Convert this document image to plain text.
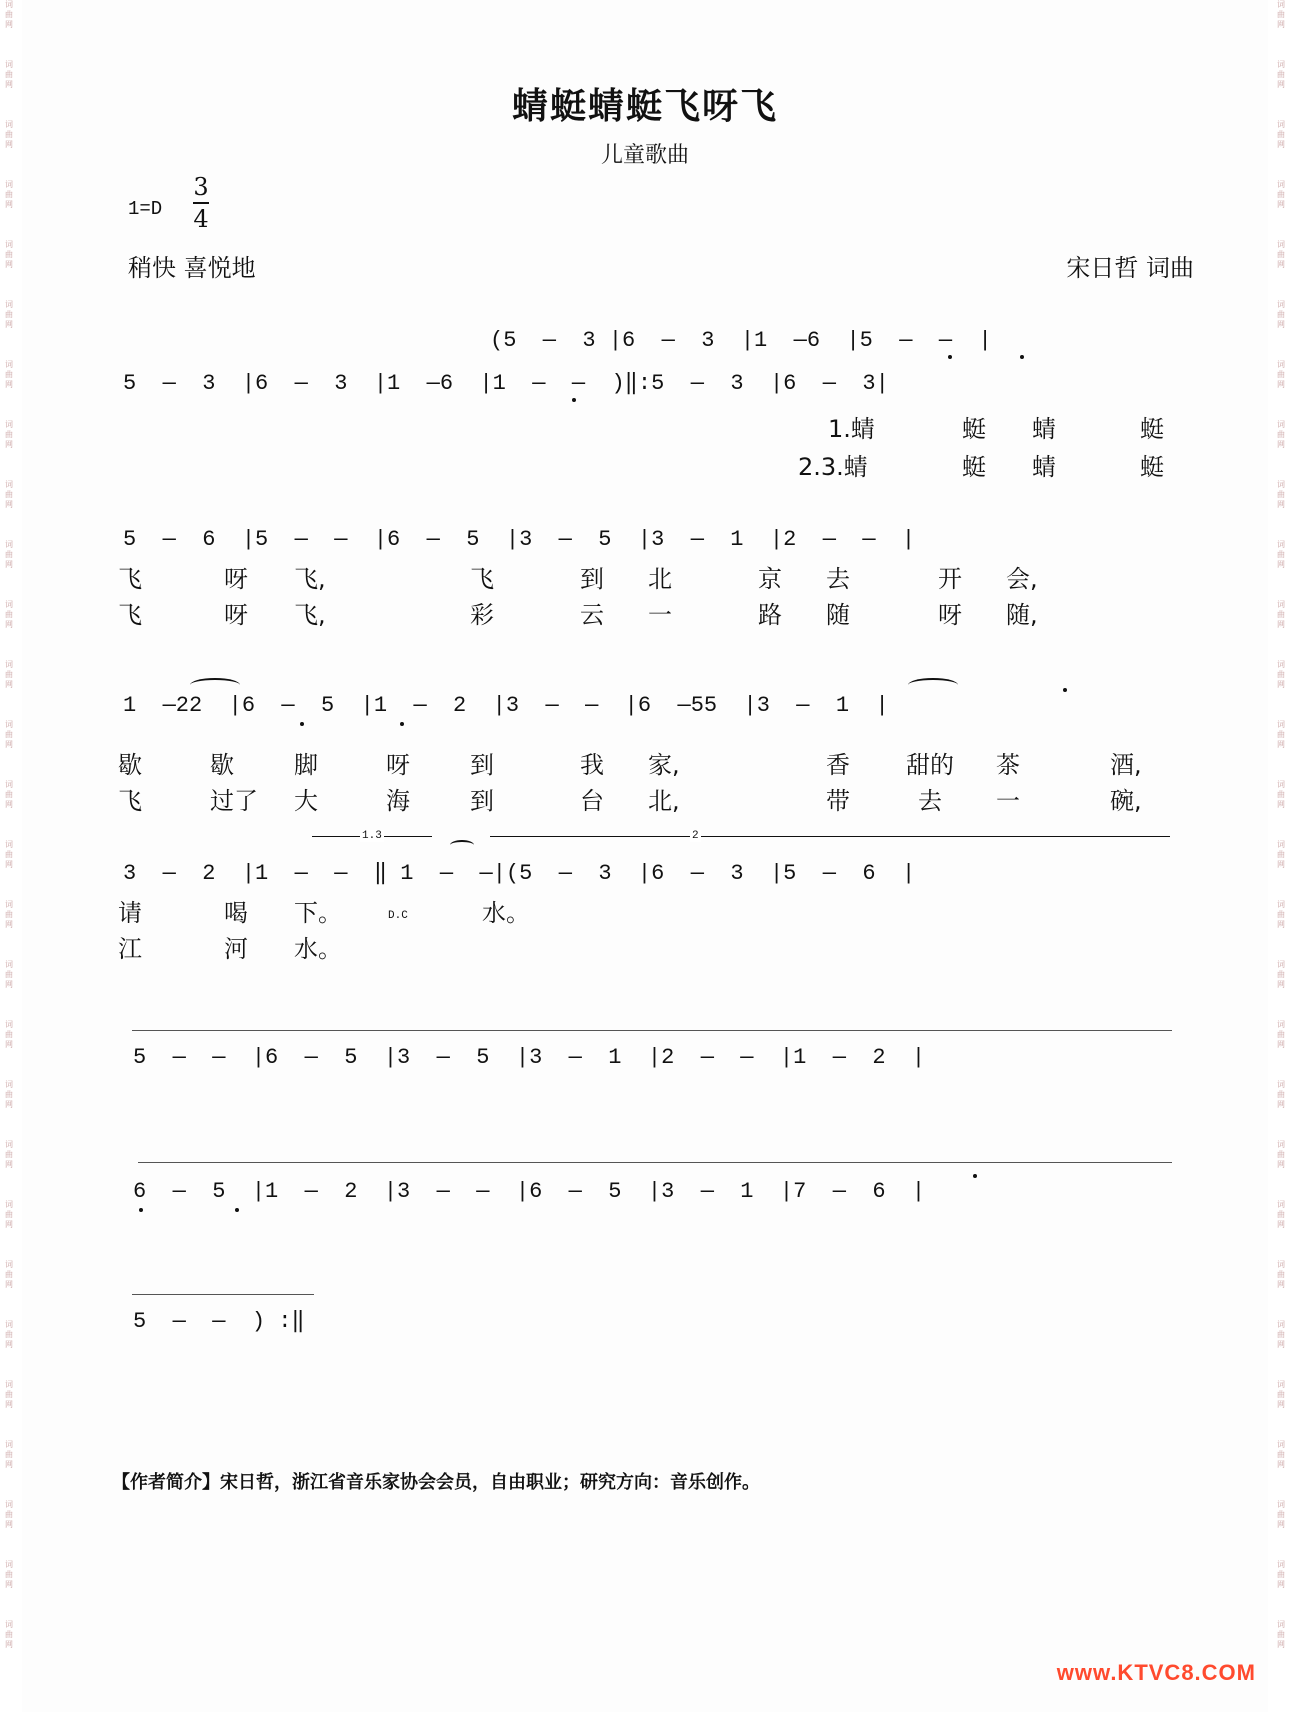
词曲网
词曲网
词曲网
词曲网
词曲网
词曲网
词曲网
词曲网
词曲网
词曲网
词曲网
词曲网
词曲网
词曲网
词曲网
词曲网
词曲网
词曲网
词曲网
词曲网
词曲网
词曲网
词曲网
词曲网
词曲网
词曲网
词曲网
词曲网
词曲网
词曲网
词曲网
词曲网
词曲网
词曲网
词曲网
词曲网
词曲网
词曲网
词曲网
词曲网
词曲网
词曲网
词曲网
词曲网
词曲网
词曲网
词曲网
词曲网
词曲网
词曲网
词曲网
词曲网
词曲网
词曲网
词曲网
词曲网
蜻蜓蜻蜓飞呀飞
儿童歌曲
1=D
3
4
稍快 喜悦地	宋日哲 词曲
(5  —  3 |6  —  3  |1  —6  |5  —  —  |
5  —  3  |6  —  3  |1  —6  |1  —  —  )‖:5  —  3  |6  —  3|
1.蜻	蜓 蜻	蜓
2.3.蜻	蜓 蜻	蜓
5  —  6  |5  —  —  |6  —  5  |3  —  5  |3  —  1  |2  —  —  |
飞	呀 飞,	飞	到 北	京 去	开 会,
飞	呀 飞,	彩	云 一	路 随	呀 随,
1  —22  |6  —  5  |1  —  2  |3  —  —  |6  —55  |3  —  1  |
歇	歇	脚	呀	到	我 家,	香 甜的 茶	酒,
飞	过了 大	海	到	台 北,	带	去 一	碗,
1.3	2
3  —  2  |1  —  —  ‖ 1  —  —|(5  —  3  |6  —  3  |5  —  6  |
请	喝 下。	D.C	水。
江	河 水。
5  —  —  |6  —  5  |3  —  5  |3  —  1  |2  —  —  |1  —  2  |
6  —  5  |1  —  2  |3  —  —  |6  —  5  |3  —  1  |7  —  6  |
5  —  —  ) :‖
【作者简介】宋日哲，浙江省音乐家协会会员，自由职业；研究方向：音乐创作。
www.KTVC8.COM
